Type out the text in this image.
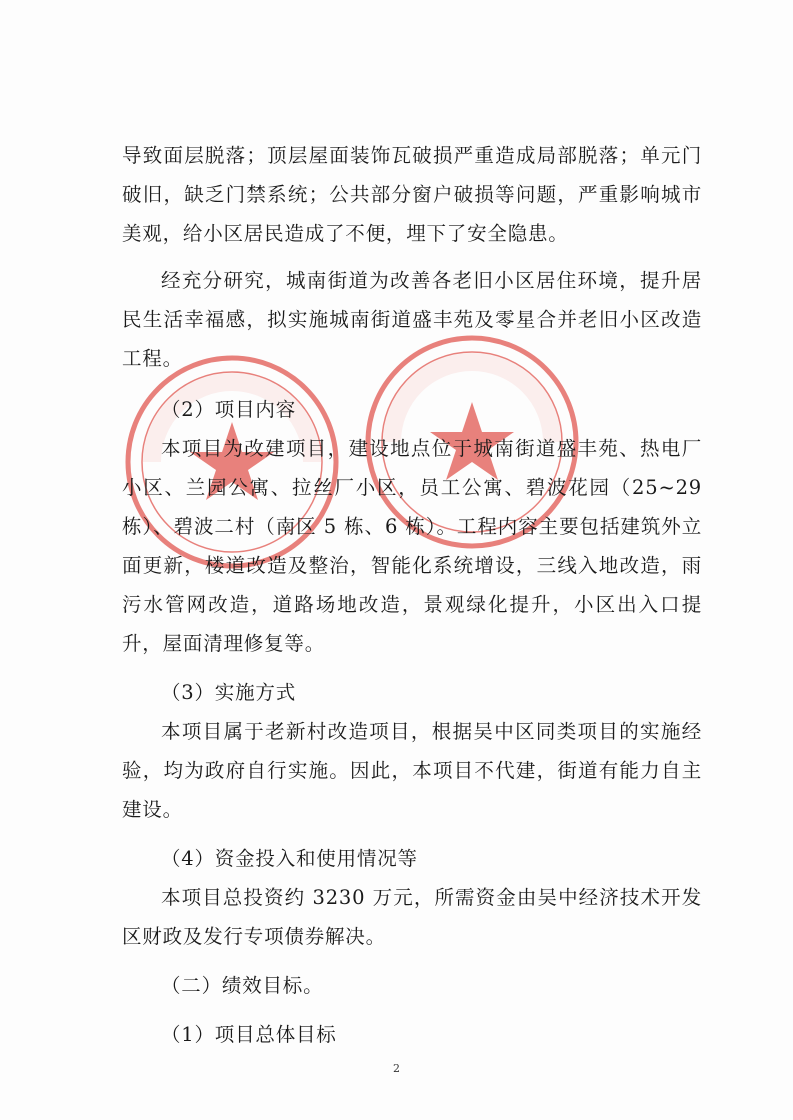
导致面层脱落；顶层屋面装饰瓦破损严重造成局部脱落；单元门破旧，缺乏门禁系统；公共部分窗户破损等问题，严重影响城市美观，给小区居民造成了不便，埋下了安全隐患。

经充分研究，城南街道为改善各老旧小区居住环境，提升居民生活幸福感，拟实施城南街道盛丰苑及零星合并老旧小区改造工程。

（2）项目内容

本项目为改建项目，建设地点位于城南街道盛丰苑、热电厂小区、兰园公寓、拉丝厂小区，员工公寓、碧波花园（25~29 栋）、碧波二村（南区 5 栋、6 栋）。工程内容主要包括建筑外立面更新，楼道改造及整治，智能化系统增设，三线入地改造，雨污水管网改造，道路场地改造，景观绿化提升，小区出入口提升，屋面清理修复等。

（3）实施方式

本项目属于老新村改造项目，根据吴中区同类项目的实施经验，均为政府自行实施。因此，本项目不代建，街道有能力自主建设。

（4）资金投入和使用情况等

本项目总投资约 3230 万元，所需资金由吴中经济技术开发区财政及发行专项债券解决。

（二）绩效目标。

（1）项目总体目标

2
